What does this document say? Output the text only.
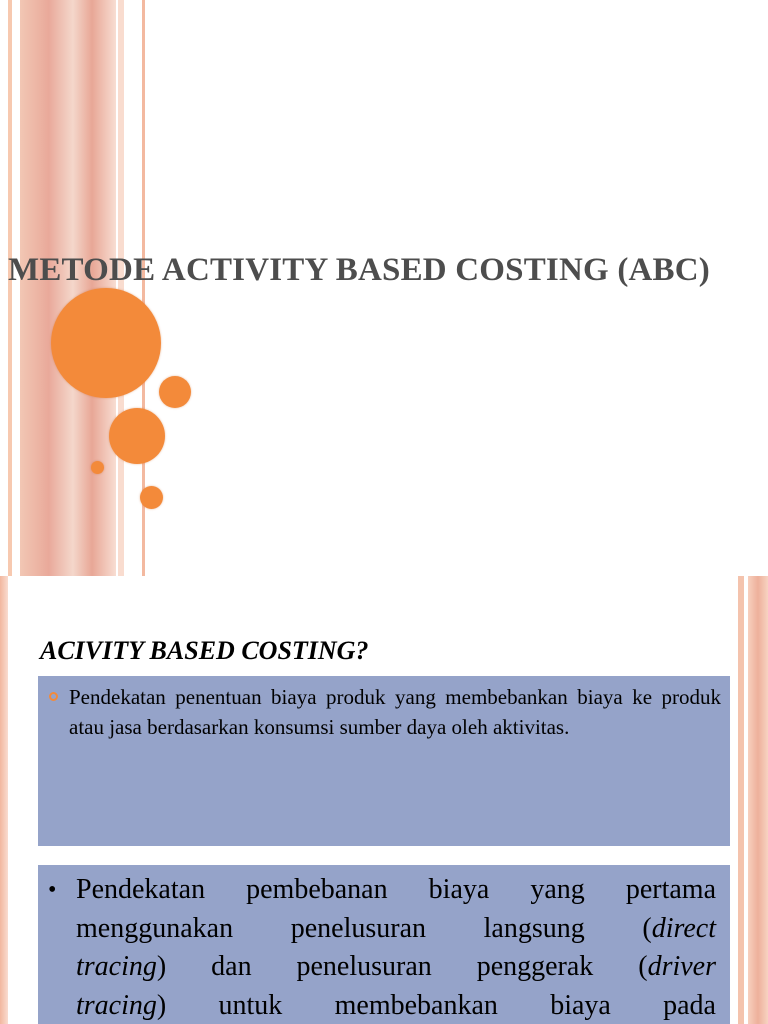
METODE ACTIVITY BASED COSTING (ABC)
ACIVITY BASED COSTING?
Pendekatan penentuan biaya produk yang membebankan biaya ke produk atau jasa berdasarkan konsumsi sumber daya oleh aktivitas.
• Pendekatan pembebanan biaya yang pertama
menggunakan penelusuran langsung (direct
tracing) dan penelusuran penggerak (driver
tracing) untuk membebankan biaya pada
